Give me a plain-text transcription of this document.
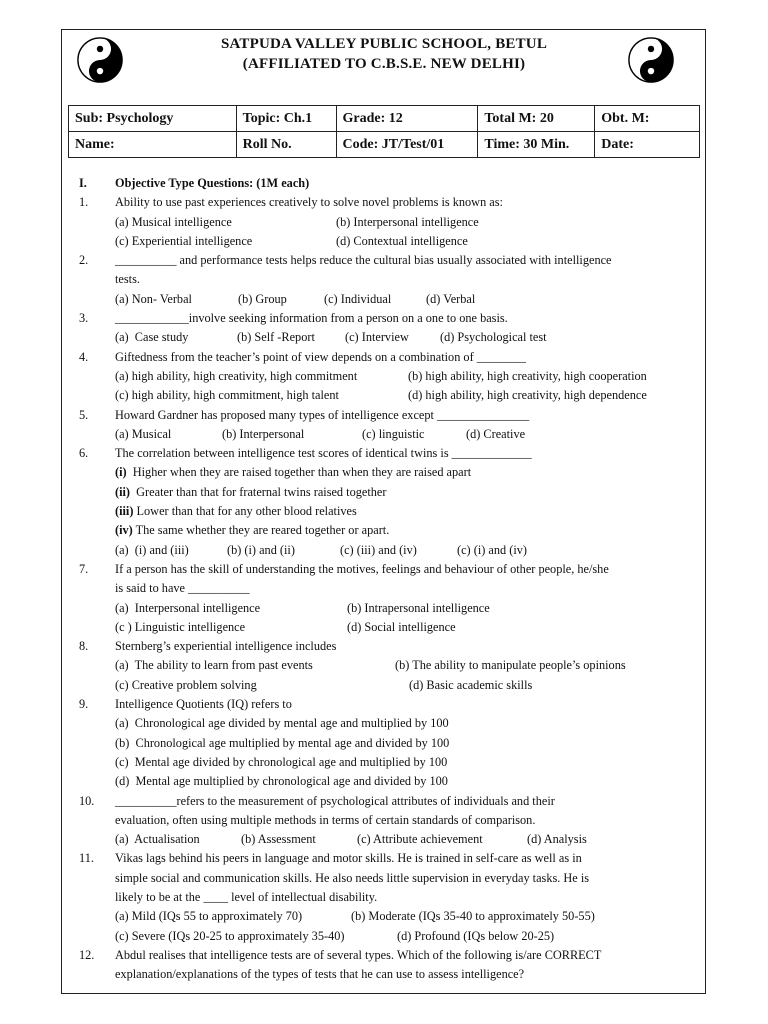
SATPUDA VALLEY PUBLIC SCHOOL, BETUL
(AFFILIATED TO C.B.S.E. NEW DELHI)
Sub: Psychology	Topic: Ch.1	Grade: 12	Total M: 20	Obt. M:
Name:	Roll No.	Code: JT/Test/01	Time: 30 Min.	Date:
I.	Objective Type Questions: (1M each)
1.	Ability to use past experiences creatively to solve novel problems is known as:
(a) Musical intelligence	(b) Interpersonal intelligence
(c) Experiential intelligence	(d) Contextual intelligence
2.	__________ and performance tests helps reduce the cultural bias usually associated with intelligence
tests.
(a) Non- Verbal	(b) Group	(c) Individual	(d) Verbal
3.	____________involve seeking information from a person on a one to one basis.
(a)  Case study	(b) Self -Report (c) Interview	(d) Psychological test
4.	Giftedness from the teacher’s point of view depends on a combination of ________
(a) high ability, high creativity, high commitment	(b) high ability, high creativity, high cooperation
(c) high ability, high commitment, high talent	(d) high ability, high creativity, high dependence
5.	Howard Gardner has proposed many types of intelligence except _______________
(a) Musical	(b) Interpersonal	(c) linguistic	(d) Creative
6.	The correlation between intelligence test scores of identical twins is _____________
(i)  Higher when they are raised together than when they are raised apart
(ii)  Greater than that for fraternal twins raised together
(iii) Lower than that for any other blood relatives
(iv) The same whether they are reared together or apart.
(a)  (i) and (iii)	(b) (i) and (ii)	(c) (iii) and (iv)	(c) (i) and (iv)
7.	If a person has the skill of understanding the motives, feelings and behaviour of other people, he/she
is said to have __________
(a)  Interpersonal intelligence	(b) Intrapersonal intelligence
(c ) Linguistic intelligence	(d) Social intelligence
8.	Sternberg’s experiential intelligence includes
(a)  The ability to learn from past events	(b) The ability to manipulate people’s opinions
(c) Creative problem solving	(d) Basic academic skills
9.	Intelligence Quotients (IQ) refers to
(a)  Chronological age divided by mental age and multiplied by 100
(b)  Chronological age multiplied by mental age and divided by 100
(c)  Mental age divided by chronological age and multiplied by 100
(d)  Mental age multiplied by chronological age and divided by 100
10.	__________refers to the measurement of psychological attributes of individuals and their
evaluation, often using multiple methods in terms of certain standards of comparison.
(a)  Actualisation	(b) Assessment	(c) Attribute achievement	(d) Analysis
11.	Vikas lags behind his peers in language and motor skills. He is trained in self-care as well as in
simple social and communication skills. He also needs little supervision in everyday tasks. He is
likely to be at the ____ level of intellectual disability.
(a) Mild (IQs 55 to approximately 70)	(b) Moderate (IQs 35-40 to approximately 50-55)
(c) Severe (IQs 20-25 to approximately 35-40)	(d) Profound (IQs below 20-25)
12.	Abdul realises that intelligence tests are of several types. Which of the following is/are CORRECT
explanation/explanations of the types of tests that he can use to assess intelligence?
